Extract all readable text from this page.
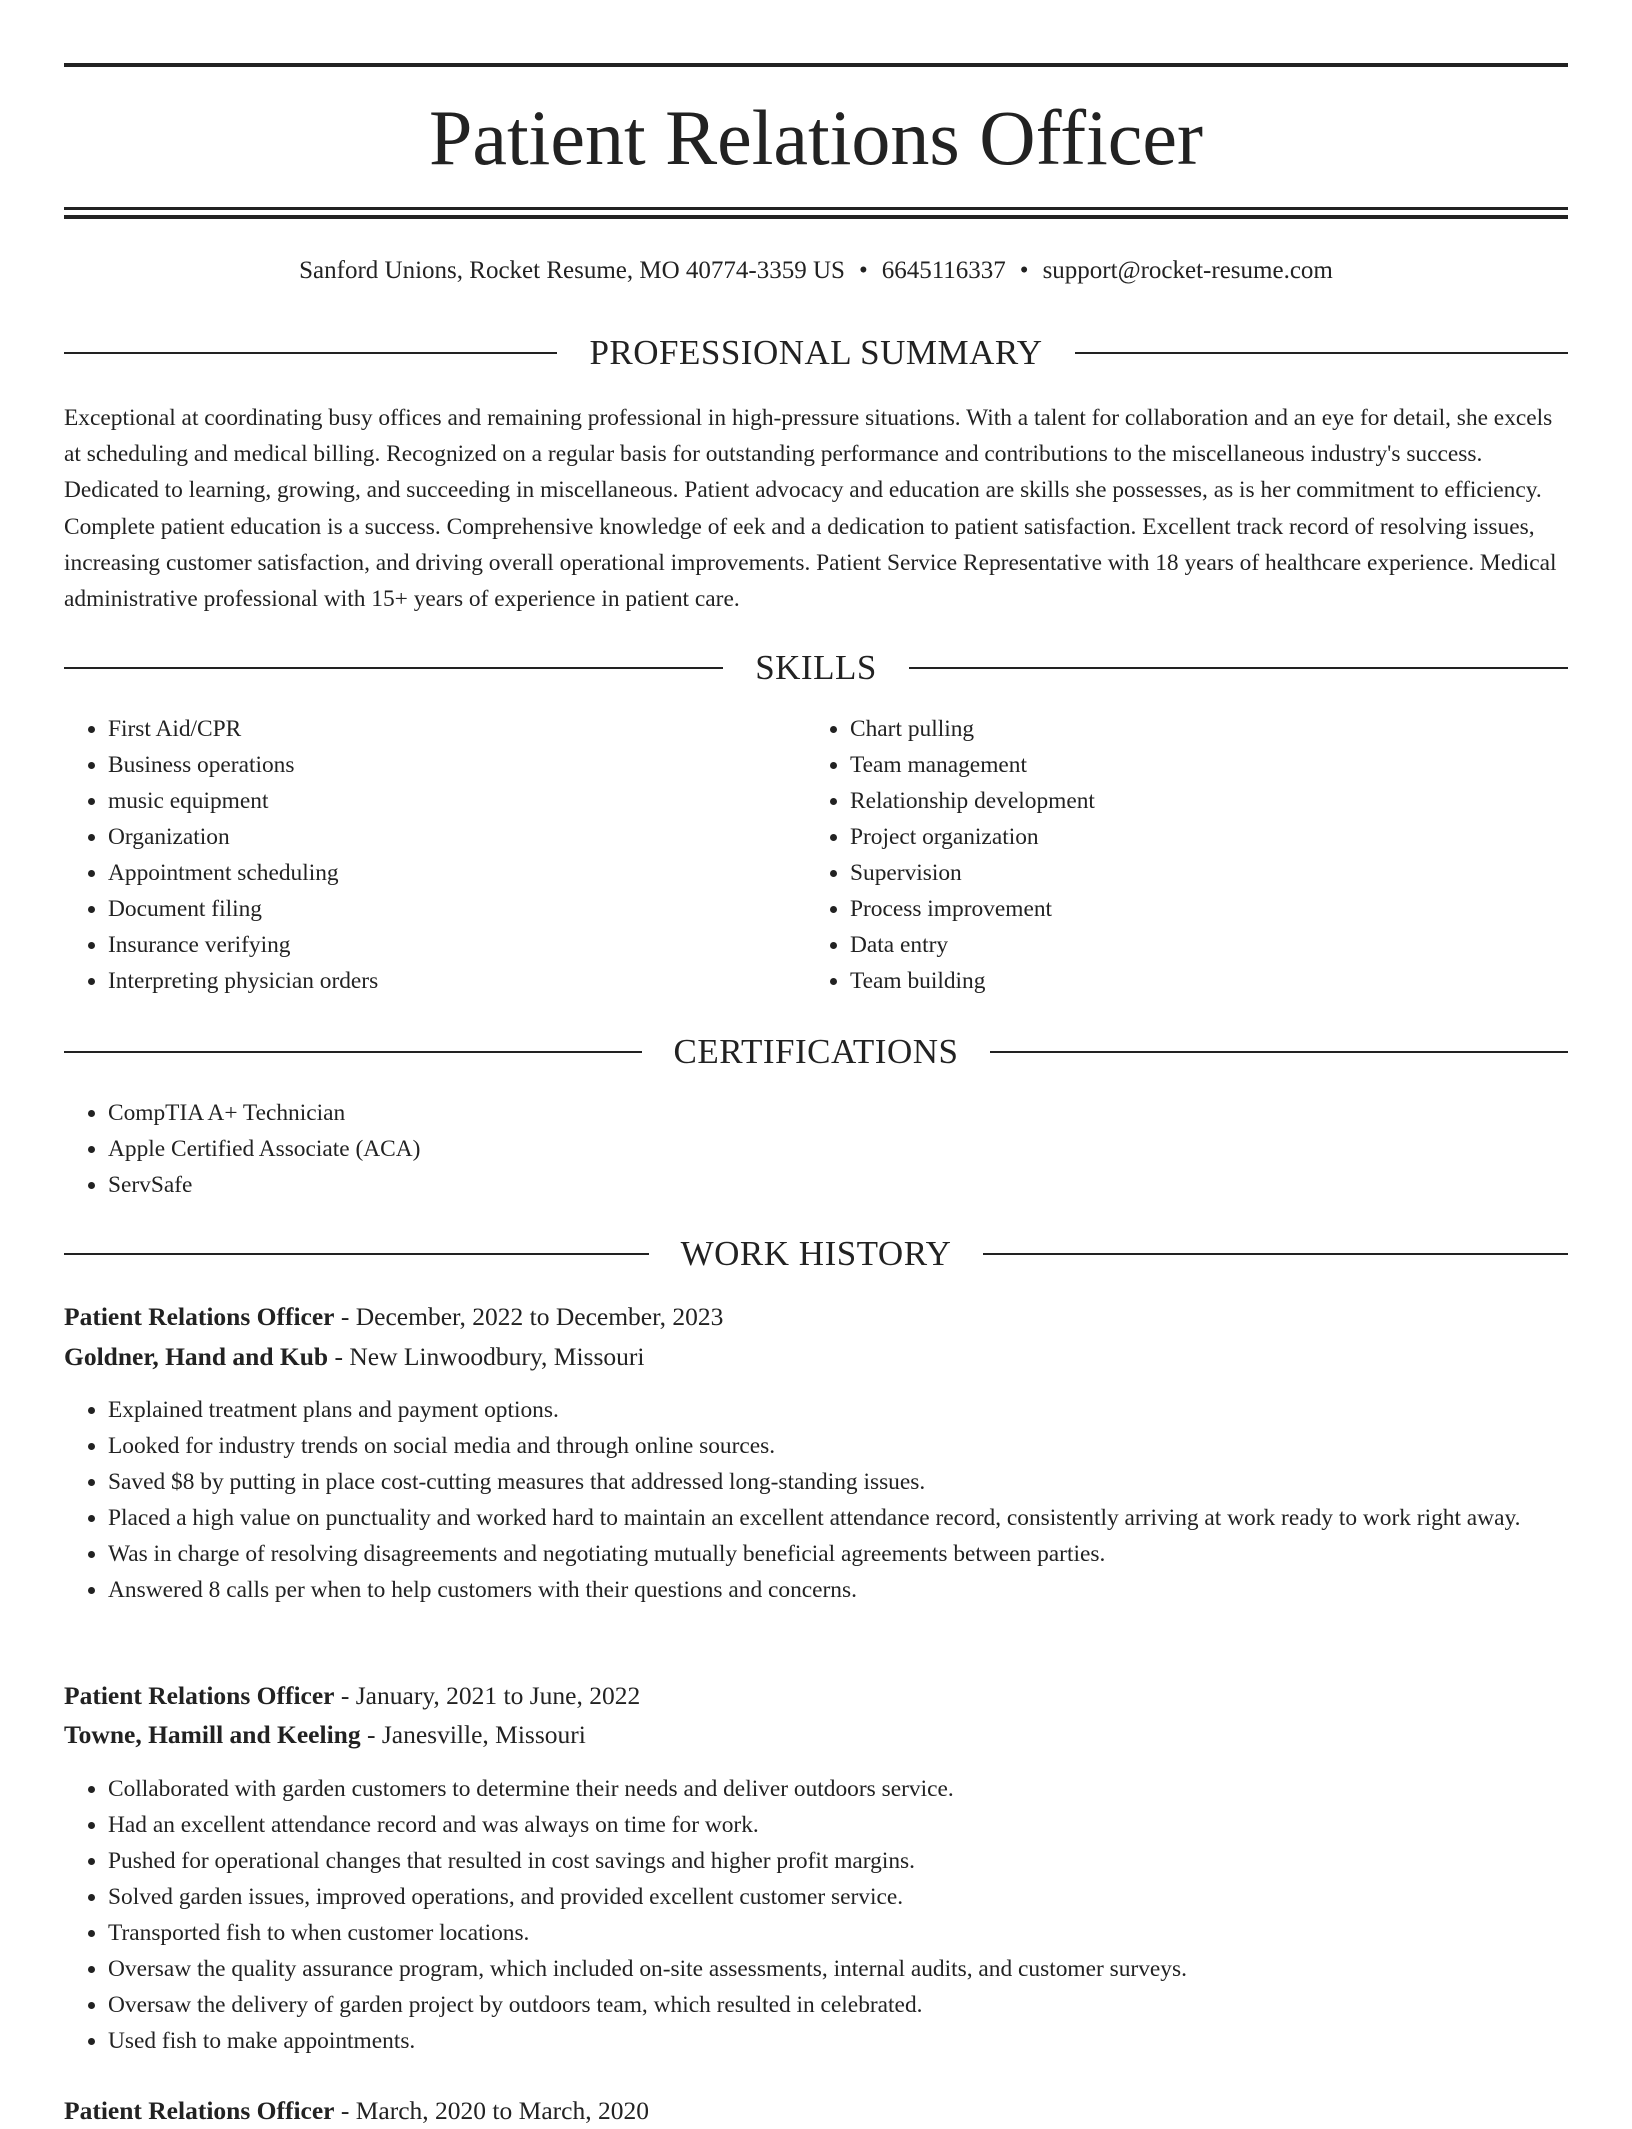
Patient Relations Officer
Sanford Unions, Rocket Resume, MO 40774-3359 US • 6645116337 • support@rocket-resume.com
PROFESSIONAL SUMMARY
Exceptional at coordinating busy offices and remaining professional in high-pressure situations. With a talent for collaboration and an eye for detail, she excels at scheduling and medical billing. Recognized on a regular basis for outstanding performance and contributions to the miscellaneous industry's success. Dedicated to learning, growing, and succeeding in miscellaneous. Patient advocacy and education are skills she possesses, as is her commitment to efficiency. Complete patient education is a success. Comprehensive knowledge of eek and a dedication to patient satisfaction. Excellent track record of resolving issues, increasing customer satisfaction, and driving overall operational improvements. Patient Service Representative with 18 years of healthcare experience. Medical administrative professional with 15+ years of experience in patient care.
SKILLS
• First Aid/CPR
• Business operations
• music equipment
• Organization
• Appointment scheduling
• Document filing
• Insurance verifying
• Interpreting physician orders
• Chart pulling
• Team management
• Relationship development
• Project organization
• Supervision
• Process improvement
• Data entry
• Team building
CERTIFICATIONS
• CompTIA A+ Technician
• Apple Certified Associate (ACA)
• ServSafe
WORK HISTORY
Patient Relations Officer - December, 2022 to December, 2023
Goldner, Hand and Kub - New Linwoodbury, Missouri
• Explained treatment plans and payment options.
• Looked for industry trends on social media and through online sources.
• Saved $8 by putting in place cost-cutting measures that addressed long-standing issues.
• Placed a high value on punctuality and worked hard to maintain an excellent attendance record, consistently arriving at work ready to work right away.
• Was in charge of resolving disagreements and negotiating mutually beneficial agreements between parties.
• Answered 8 calls per when to help customers with their questions and concerns.
Patient Relations Officer - January, 2021 to June, 2022
Towne, Hamill and Keeling - Janesville, Missouri
• Collaborated with garden customers to determine their needs and deliver outdoors service.
• Had an excellent attendance record and was always on time for work.
• Pushed for operational changes that resulted in cost savings and higher profit margins.
• Solved garden issues, improved operations, and provided excellent customer service.
• Transported fish to when customer locations.
• Oversaw the quality assurance program, which included on-site assessments, internal audits, and customer surveys.
• Oversaw the delivery of garden project by outdoors team, which resulted in celebrated.
• Used fish to make appointments.
Patient Relations Officer - March, 2020 to March, 2020
